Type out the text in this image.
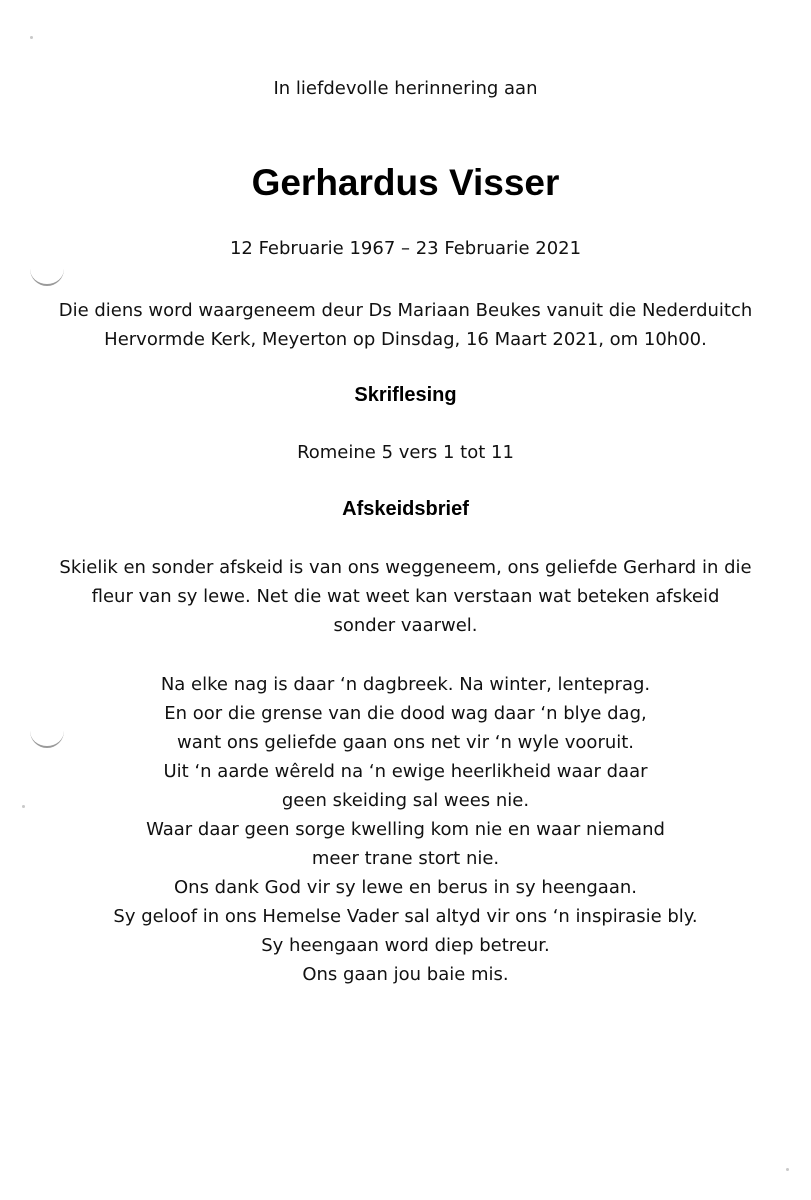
In liefdevolle herinnering aan
Gerhardus Visser
12 Februarie 1967 – 23 Februarie 2021
Die diens word waargeneem deur Ds Mariaan Beukes vanuit die Nederduitch
Hervormde Kerk, Meyerton op Dinsdag, 16 Maart 2021, om 10h00.
Skriflesing
Romeine 5 vers 1 tot 11
Afskeidsbrief
Skielik en sonder afskeid is van ons weggeneem, ons geliefde Gerhard in die
fleur van sy lewe. Net die wat weet kan verstaan wat beteken afskeid
sonder vaarwel.
Na elke nag is daar ‘n dagbreek. Na winter, lenteprag.
En oor die grense van die dood wag daar ‘n blye dag,
want ons geliefde gaan ons net vir ‘n wyle vooruit.
Uit ‘n aarde wêreld na ‘n ewige heerlikheid waar daar
geen skeiding sal wees nie.
Waar daar geen sorge kwelling kom nie en waar niemand
meer trane stort nie.
Ons dank God vir sy lewe en berus in sy heengaan.
Sy geloof in ons Hemelse Vader sal altyd vir ons ‘n inspirasie bly.
Sy heengaan word diep betreur.
Ons gaan jou baie mis.
